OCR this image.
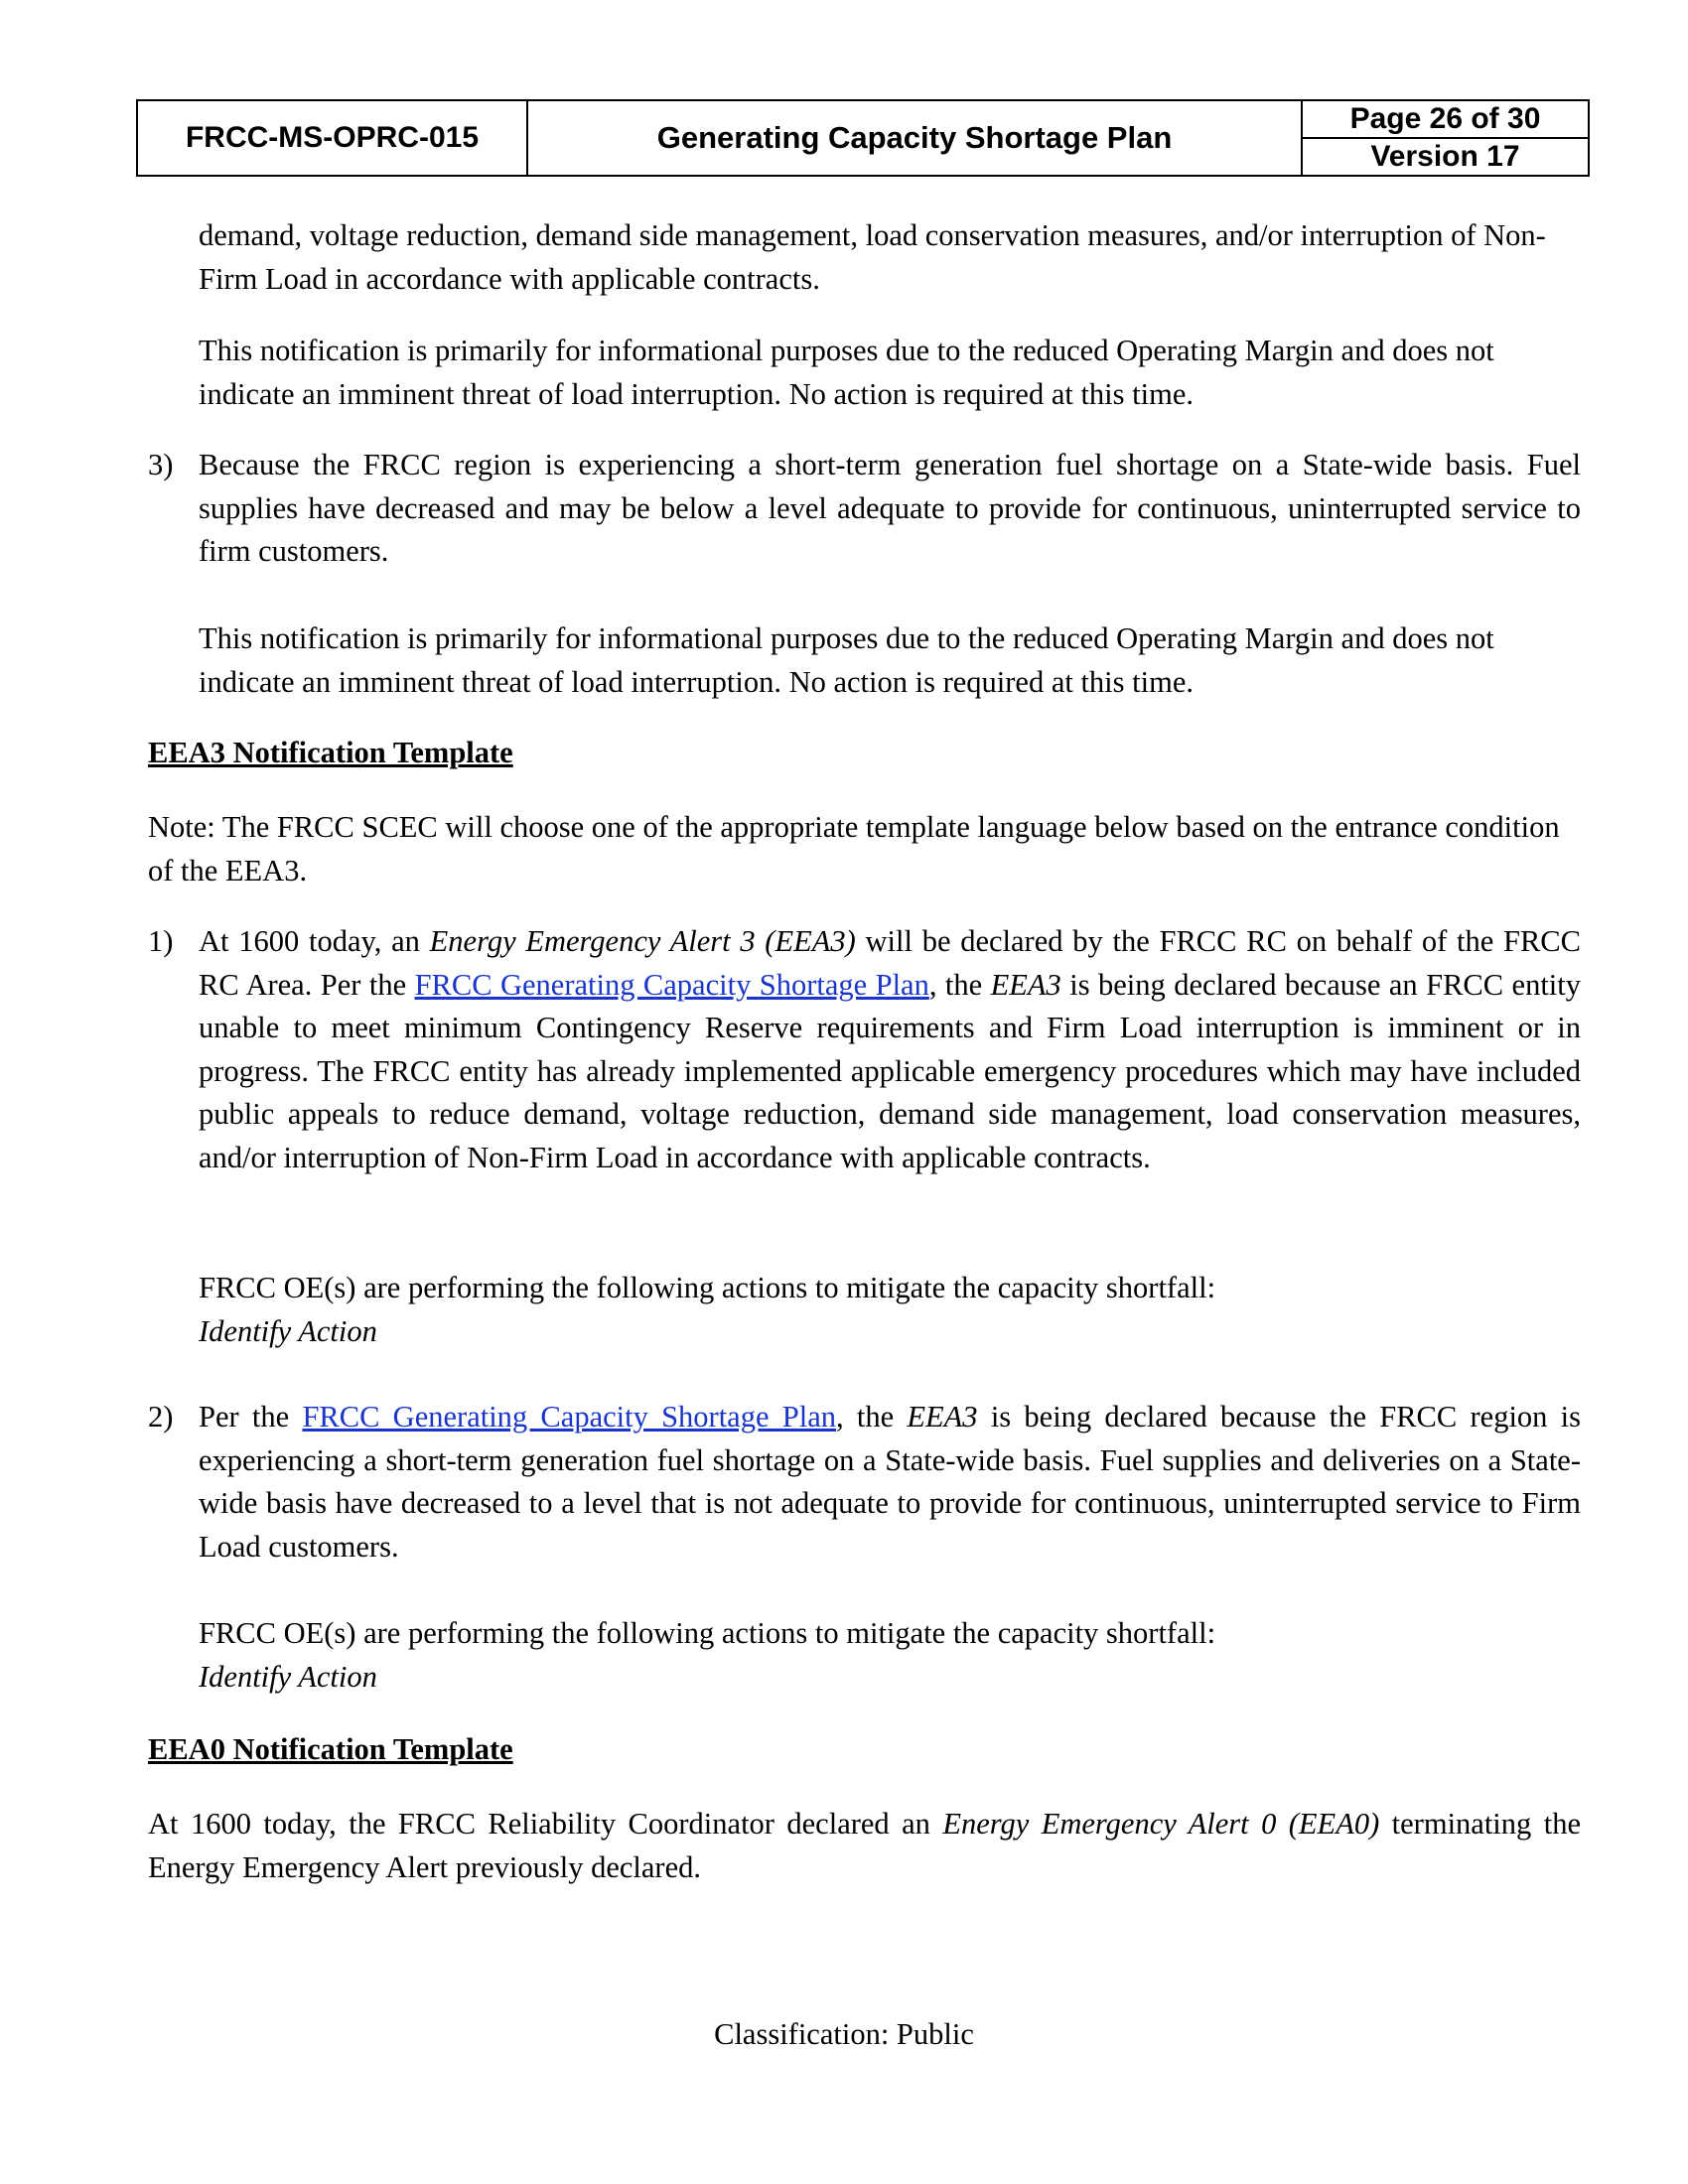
FRCC-MS-OPRC-015	Generating Capacity Shortage Plan
Page 26 of 30
Version 17
demand, voltage reduction, demand side management, load conservation measures, and/or interruption of Non-Firm Load in accordance with applicable contracts.
This notification is primarily for informational purposes due to the reduced Operating Margin and does not indicate an imminent threat of load interruption. No action is required at this time.
3) Because the FRCC region is experiencing a short-term generation fuel shortage on a State-wide basis. Fuel supplies have decreased and may be below a level adequate to provide for continuous, uninterrupted service to firm customers.
This notification is primarily for informational purposes due to the reduced Operating Margin and does not indicate an imminent threat of load interruption. No action is required at this time.
EEA3 Notification Template
Note: The FRCC SCEC will choose one of the appropriate template language below based on the entrance condition of the EEA3.
1) At 1600 today, an Energy Emergency Alert 3 (EEA3) will be declared by the FRCC RC on behalf of the FRCC RC Area. Per the FRCC Generating Capacity Shortage Plan, the EEA3 is being declared because an FRCC entity unable to meet minimum Contingency Reserve requirements and Firm Load interruption is imminent or in progress. The FRCC entity has already implemented applicable emergency procedures which may have included public appeals to reduce demand, voltage reduction, demand side management, load conservation measures, and/or interruption of Non-Firm Load in accordance with applicable contracts.
FRCC OE(s) are performing the following actions to mitigate the capacity shortfall:
Identify Action
2) Per the FRCC Generating Capacity Shortage Plan, the EEA3 is being declared because the FRCC region is experiencing a short-term generation fuel shortage on a State-wide basis. Fuel supplies and deliveries on a State-wide basis have decreased to a level that is not adequate to provide for continuous, uninterrupted service to Firm Load customers.
FRCC OE(s) are performing the following actions to mitigate the capacity shortfall:
Identify Action
EEA0 Notification Template
At 1600 today, the FRCC Reliability Coordinator declared an Energy Emergency Alert 0 (EEA0) terminating the Energy Emergency Alert previously declared.
Classification: Public
